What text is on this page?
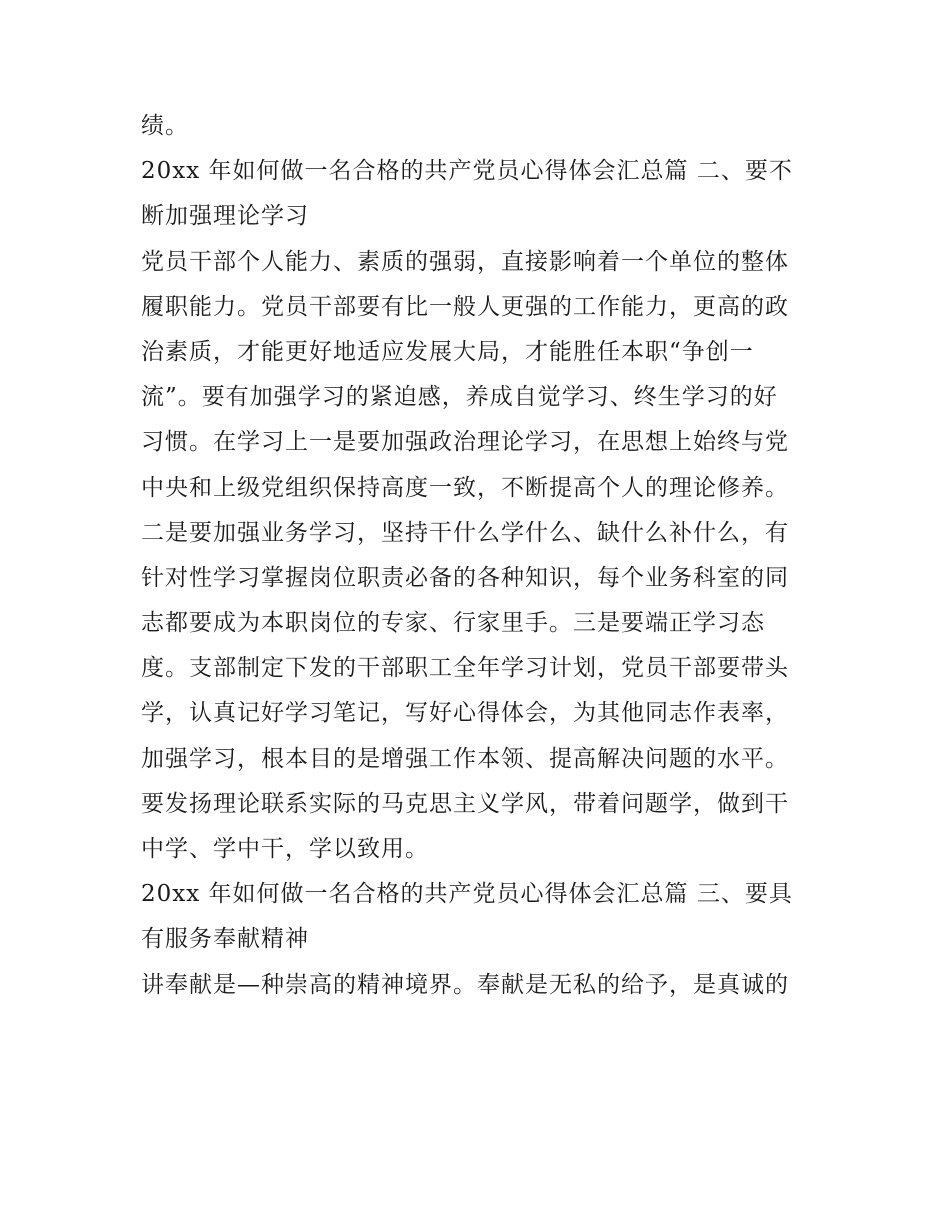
绩。
20xx 年如何做一名合格的共产党员心得体会汇总篇 二、要不
断加强理论学习
党员干部个人能力、素质的强弱，直接影响着一个单位的整体
履职能力。党员干部要有比一般人更强的工作能力，更高的政
治素质，才能更好地适应发展大局，才能胜任本职“争创一
流”。要有加强学习的紧迫感，养成自觉学习、终生学习的好
习惯。在学习上一是要加强政治理论学习，在思想上始终与党
中央和上级党组织保持高度一致，不断提高个人的理论修养。
二是要加强业务学习，坚持干什么学什么、缺什么补什么，有
针对性学习掌握岗位职责必备的各种知识，每个业务科室的同
志都要成为本职岗位的专家、行家里手。三是要端正学习态
度。支部制定下发的干部职工全年学习计划，党员干部要带头
学，认真记好学习笔记，写好心得体会，为其他同志作表率，
加强学习，根本目的是增强工作本领、提高解决问题的水平。
要发扬理论联系实际的马克思主义学风，带着问题学，做到干
中学、学中干，学以致用。
20xx 年如何做一名合格的共产党员心得体会汇总篇 三、要具
有服务奉献精神
讲奉献是—种崇高的精神境界。奉献是无私的给予，是真诚的
